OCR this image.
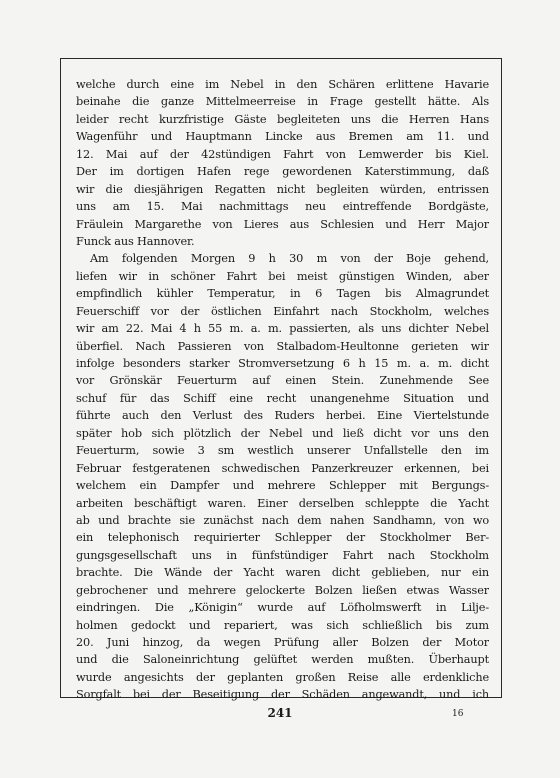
welche durch eine im Nebel in den Schären erlittene Havarie
beinahe die ganze Mittelmeerreise in Frage gestellt hätte. Als
leider recht kurzfristige Gäste begleiteten uns die Herren Hans
Wagenführ und Hauptmann Lincke aus Bremen am 11. und
12. Mai auf der 42stündigen Fahrt von Lemwerder bis Kiel.
Der im dortigen Hafen rege gewordenen Katerstimmung, daß
wir die diesjährigen Regatten nicht begleiten würden, entrissen
uns am 15. Mai nachmittags neu eintreffende Bordgäste,
Fräulein Margarethe von Lieres aus Schlesien und Herr Major
Funck aus Hannover.
Am folgenden Morgen 9 h 30 m von der Boje gehend,
liefen wir in schöner Fahrt bei meist günstigen Winden, aber
empfindlich kühler Temperatur, in 6 Tagen bis Almagrundet
Feuerschiff vor der östlichen Einfahrt nach Stockholm, welches
wir am 22. Mai 4 h 55 m. a. m. passierten, als uns dichter Nebel
überfiel. Nach Passieren von Stalbadom-Heultonne gerieten wir
infolge besonders starker Stromversetzung 6 h 15 m. a. m. dicht
vor Grönskär Feuerturm auf einen Stein. Zunehmende See
schuf für das Schiff eine recht unangenehme Situation und
führte auch den Verlust des Ruders herbei. Eine Viertelstunde
später hob sich plötzlich der Nebel und ließ dicht vor uns den
Feuerturm, sowie 3 sm westlich unserer Unfallstelle den im
Februar festgeratenen schwedischen Panzerkreuzer erkennen, bei
welchem ein Dampfer und mehrere Schlepper mit Bergungs-
arbeiten beschäftigt waren. Einer derselben schleppte die Yacht
ab und brachte sie zunächst nach dem nahen Sandhamn, von wo
ein telephonisch requirierter Schlepper der Stockholmer Ber-
gungsgesellschaft uns in fünfstündiger Fahrt nach Stockholm
brachte. Die Wände der Yacht waren dicht geblieben, nur ein
gebrochener und mehrere gelockerte Bolzen ließen etwas Wasser
eindringen. Die „Königin“ wurde auf Löfholmswerft in Lilje-
holmen gedockt und repariert, was sich schließlich bis zum
20. Juni hinzog, da wegen Prüfung aller Bolzen der Motor
und die Saloneinrichtung gelüftet werden mußten. Überhaupt
wurde angesichts der geplanten großen Reise alle erdenkliche
Sorgfalt bei der Beseitigung der Schäden angewandt, und ich
241	16
